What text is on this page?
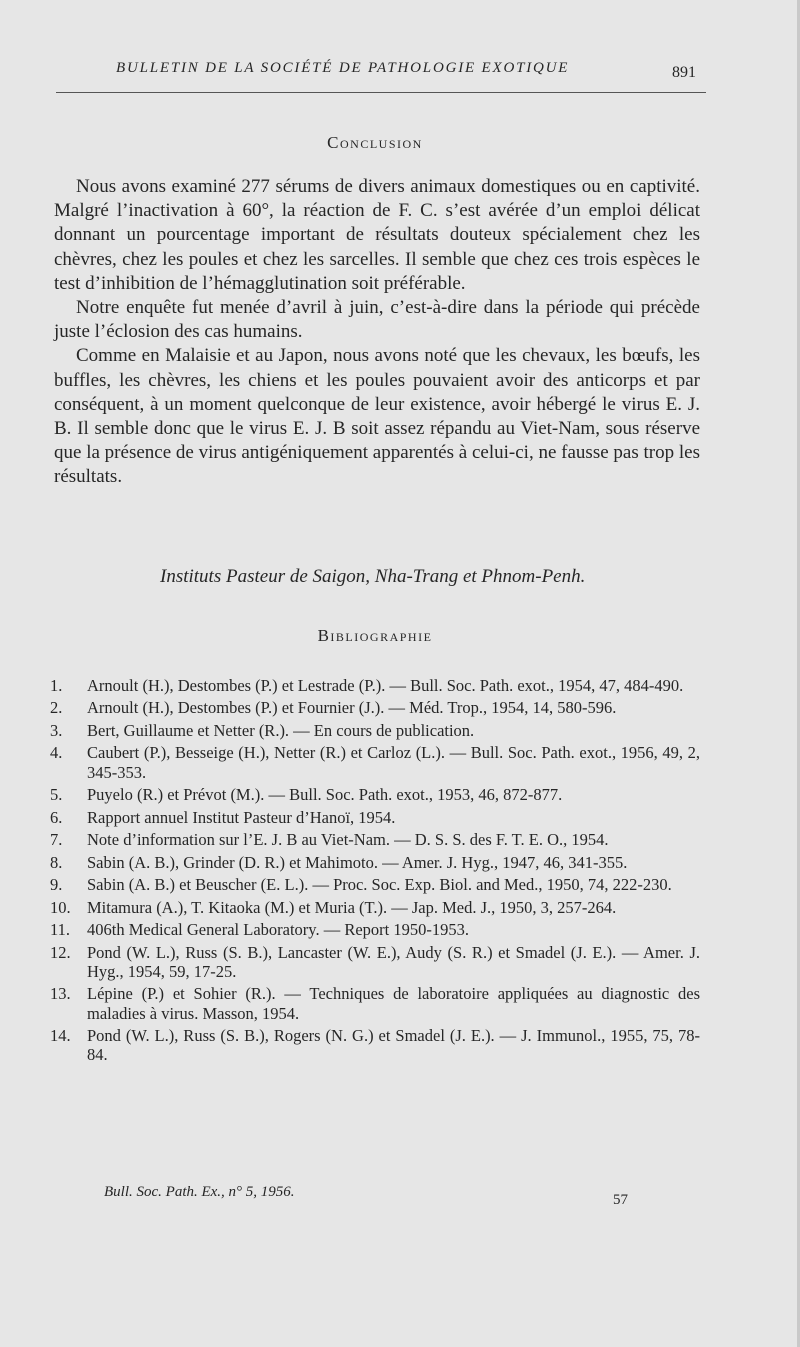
BULLETIN DE LA SOCIÉTÉ DE PATHOLOGIE EXOTIQUE	891
Conclusion

Nous avons examiné 277 sérums de divers animaux domestiques ou en captivité. Malgré l’inactivation à 60°, la réaction de F. C. s’est avérée d’un emploi délicat donnant un pourcentage important de résultats douteux spécialement chez les chèvres, chez les poules et chez les sarcelles. Il semble que chez ces trois espèces le test d’inhibition de l’hémagglutination soit préférable.

Notre enquête fut menée d’avril à juin, c’est-à-dire dans la période qui précède juste l’éclosion des cas humains.

Comme en Malaisie et au Japon, nous avons noté que les chevaux, les bœufs, les buffles, les chèvres, les chiens et les poules pouvaient avoir des anticorps et par conséquent, à un moment quelconque de leur existence, avoir hébergé le virus E. J. B. Il semble donc que le virus E. J. B soit assez répandu au Viet-Nam, sous réserve que la présence de virus antigéniquement apparentés à celui-ci, ne fausse pas trop les résultats.

Instituts Pasteur de Saigon, Nha-Trang et Phnom-Penh.
Bibliographie
1.	Arnoult (H.), Destombes (P.) et Lestrade (P.). — Bull. Soc. Path. exot., 1954, 47, 484-490.
2.	Arnoult (H.), Destombes (P.) et Fournier (J.). — Méd. Trop., 1954, 14, 580-596.
3.	Bert, Guillaume et Netter (R.). — En cours de publication.
4.	Caubert (P.), Besseige (H.), Netter (R.) et Carloz (L.). — Bull. Soc. Path. exot., 1956, 49, 2, 345-353.
5.	Puyelo (R.) et Prévot (M.). — Bull. Soc. Path. exot., 1953, 46, 872-877.
6.	Rapport annuel Institut Pasteur d’Hanoï, 1954.
7.	Note d’information sur l’E. J. B au Viet-Nam. — D. S. S. des F. T. E. O., 1954.
8.	Sabin (A. B.), Grinder (D. R.) et Mahimoto. — Amer. J. Hyg., 1947, 46, 341-355.
9.	Sabin (A. B.) et Beuscher (E. L.). — Proc. Soc. Exp. Biol. and Med., 1950, 74, 222-230.
10. Mitamura (A.), T. Kitaoka (M.) et Muria (T.). — Jap. Med. J., 1950, 3, 257-264.
11.	406th Medical General Laboratory. — Report 1950-1953.
12. Pond (W. L.), Russ (S. B.), Lancaster (W. E.), Audy (S. R.) et Smadel (J. E.). — Amer. J. Hyg., 1954, 59, 17-25.
13. Lépine (P.) et Sohier (R.). — Techniques de laboratoire appliquées au diagnostic des maladies à virus. Masson, 1954.
14. Pond (W. L.), Russ (S. B.), Rogers (N. G.) et Smadel (J. E.). — J. Immunol., 1955, 75, 78-84.
Bull. Soc. Path. Ex., n° 5, 1956.	57
